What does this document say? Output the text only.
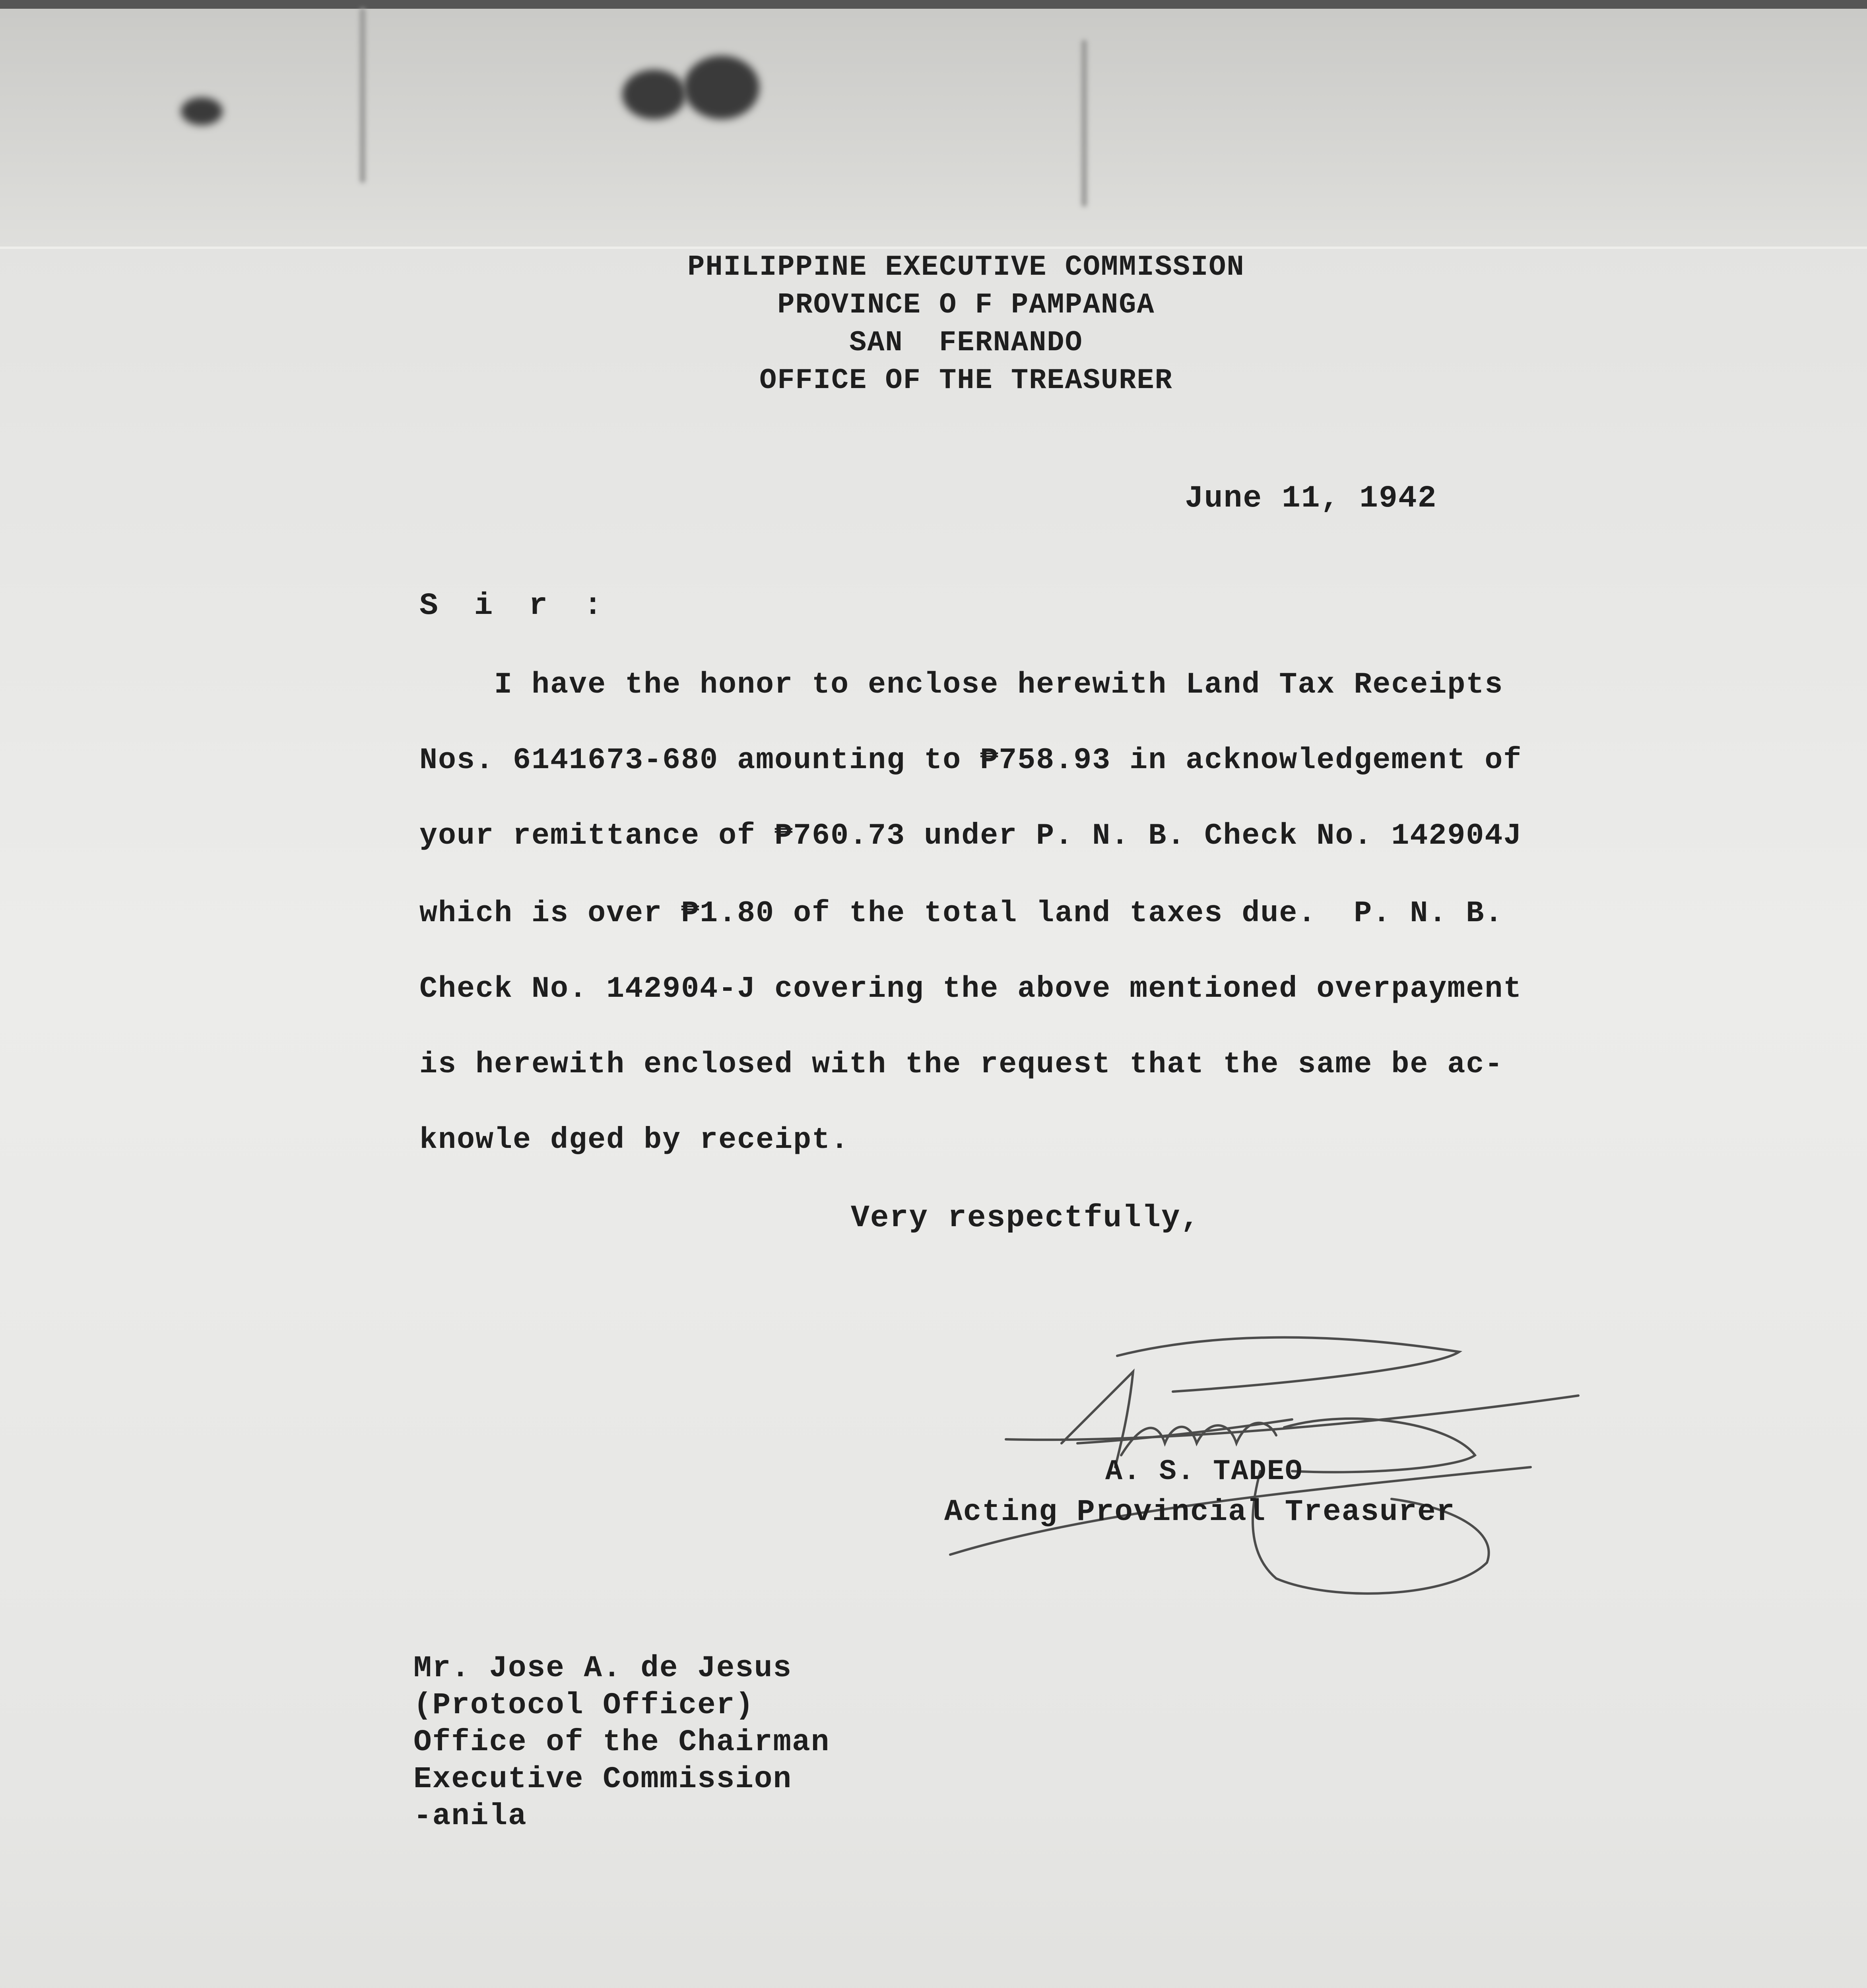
PHILIPPINE EXECUTIVE COMMISSION
PROVINCE O F PAMPANGA
SAN  FERNANDO
OFFICE OF THE TREASURER
June 11, 1942
S i r :
I have the honor to enclose herewith Land Tax Receipts
Nos. 6141673-680 amounting to ₱758.93 in acknowledgement of
your remittance of ₱760.73 under P. N. B. Check No. 142904J
which is over ₱1.80 of the total land taxes due.  P. N. B.
Check No. 142904-J covering the above mentioned overpayment
is herewith enclosed with the request that the same be ac-
knowle dged by receipt.
Very respectfully,
A. S. TADEO
Acting Provincial Treasurer
Mr. Jose A. de Jesus
(Protocol Officer)
Office of the Chairman
Executive Commission
-anila
